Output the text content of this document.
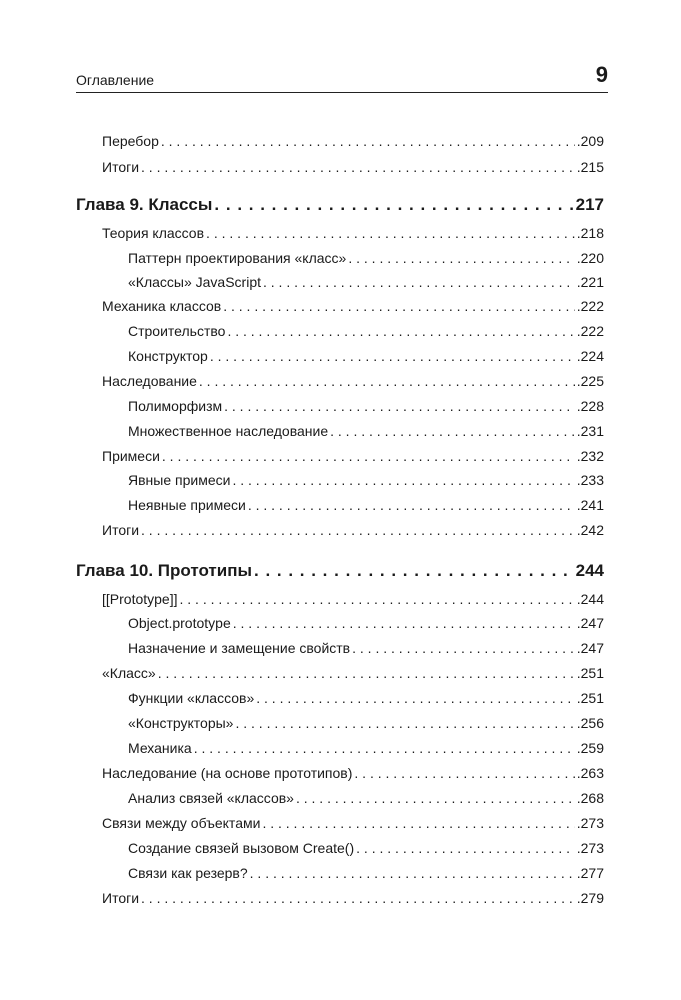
Оглавление	9
Перебор . . .	.209
Итоги . . .	.215
Глава 9. Классы . . .	217
Теория классов . . .	.218
Паттерн проектирования «класс» . . .	.220
«Классы» JavaScript . . .	.221
Механика классов . . .	.222
Строительство . . .	.222
Конструктор . . .	.224
Наследование . . .	.225
Полиморфизм . . .	.228
Множественное наследование . . .	.231
Примеси . . .	.232
Явные примеси . . .	.233
Неявные примеси . . .	.241
Итоги . . .	.242
Глава 10. Прототипы . . .	244
[[Prototype]] . . .	.244
Object.prototype . . .	.247
Назначение и замещение свойств . . .	.247
«Класс» . . .	.251
Функции «классов» . . .	.251
«Конструкторы» . . .	.256
Механика . . .	.259
Наследование (на основе прототипов) . . .	.263
Анализ связей «классов» . . .	.268
Связи между объектами . . .	.273
Создание связей вызовом Create() . . .	.273
Связи как резерв? . . .	.277
Итоги . . .	.279
